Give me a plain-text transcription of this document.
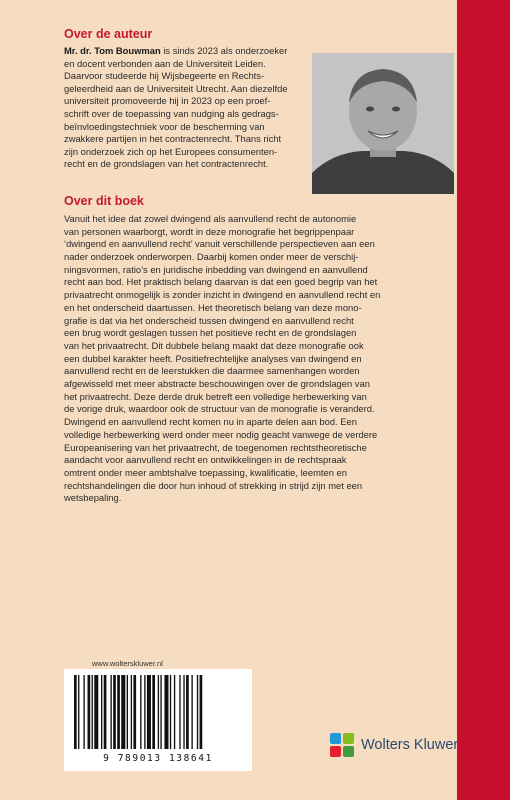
Over de auteur
Mr. dr. Tom Bouwman is sinds 2023 als onderzoeker
en docent verbonden aan de Universiteit Leiden.
Daarvoor studeerde hij Wijsbegeerte en Rechts-
geleerdheid aan de Universiteit Utrecht. Aan diezelfde
universiteit promoveerde hij in 2023 op een proef-
schrift over de toepassing van nudging als gedrags-
beïnvloedingstechniek voor de bescherming van
zwakkere partijen in het contractenrecht. Thans richt
zijn onderzoek zich op het Europees consumenten-
recht en de grondslagen van het contractenrecht.
Over dit boek
Vanuit het idee dat zowel dwingend als aanvullend recht de autonomie
van personen waarborgt, wordt in deze monografie het begrippenpaar
‘dwingend en aanvullend recht’ vanuit verschillende perspectieven aan een
nader onderzoek onderworpen. Daarbij komen onder meer de verschij-
ningsvormen, ratio’s en juridische inbedding van dwingend en aanvullend
recht aan bod. Het praktisch belang daarvan is dat een goed begrip van het
privaatrecht onmogelijk is zonder inzicht in dwingend en aanvullend recht en
en het onderscheid daartussen. Het theoretisch belang van deze mono-
grafie is dat via het onderscheid tussen dwingend en aanvullend recht
een brug wordt geslagen tussen het positieve recht en de grondslagen
van het privaatrecht. Dit dubbele belang maakt dat deze monografie ook
een dubbel karakter heeft. Positiefrechtelijke analyses van dwingend en
aanvullend recht en de leerstukken die daarmee samenhangen worden
afgewisseld met meer abstracte beschouwingen over de grondslagen van
het privaatrecht. Deze derde druk betreft een volledige herbewerking van
de vorige druk, waardoor ook de structuur van de monografie is veranderd.
Dwingend en aanvullend recht komen nu in aparte delen aan bod. Een
volledige herbewerking werd onder meer nodig geacht vanwege de verdere
Europeanisering van het privaatrecht, de toegenomen rechtstheoretische
aandacht voor aanvullend recht en ontwikkelingen in de rechtspraak
omtrent onder meer ambtshalve toepassing, kwalificatie, leemten en
rechtshandelingen die door hun inhoud of strekking in strijd zijn met een
wetsbepaling.
www.wolterskluwer.nl
9 789013 138641
Wolters Kluwer
